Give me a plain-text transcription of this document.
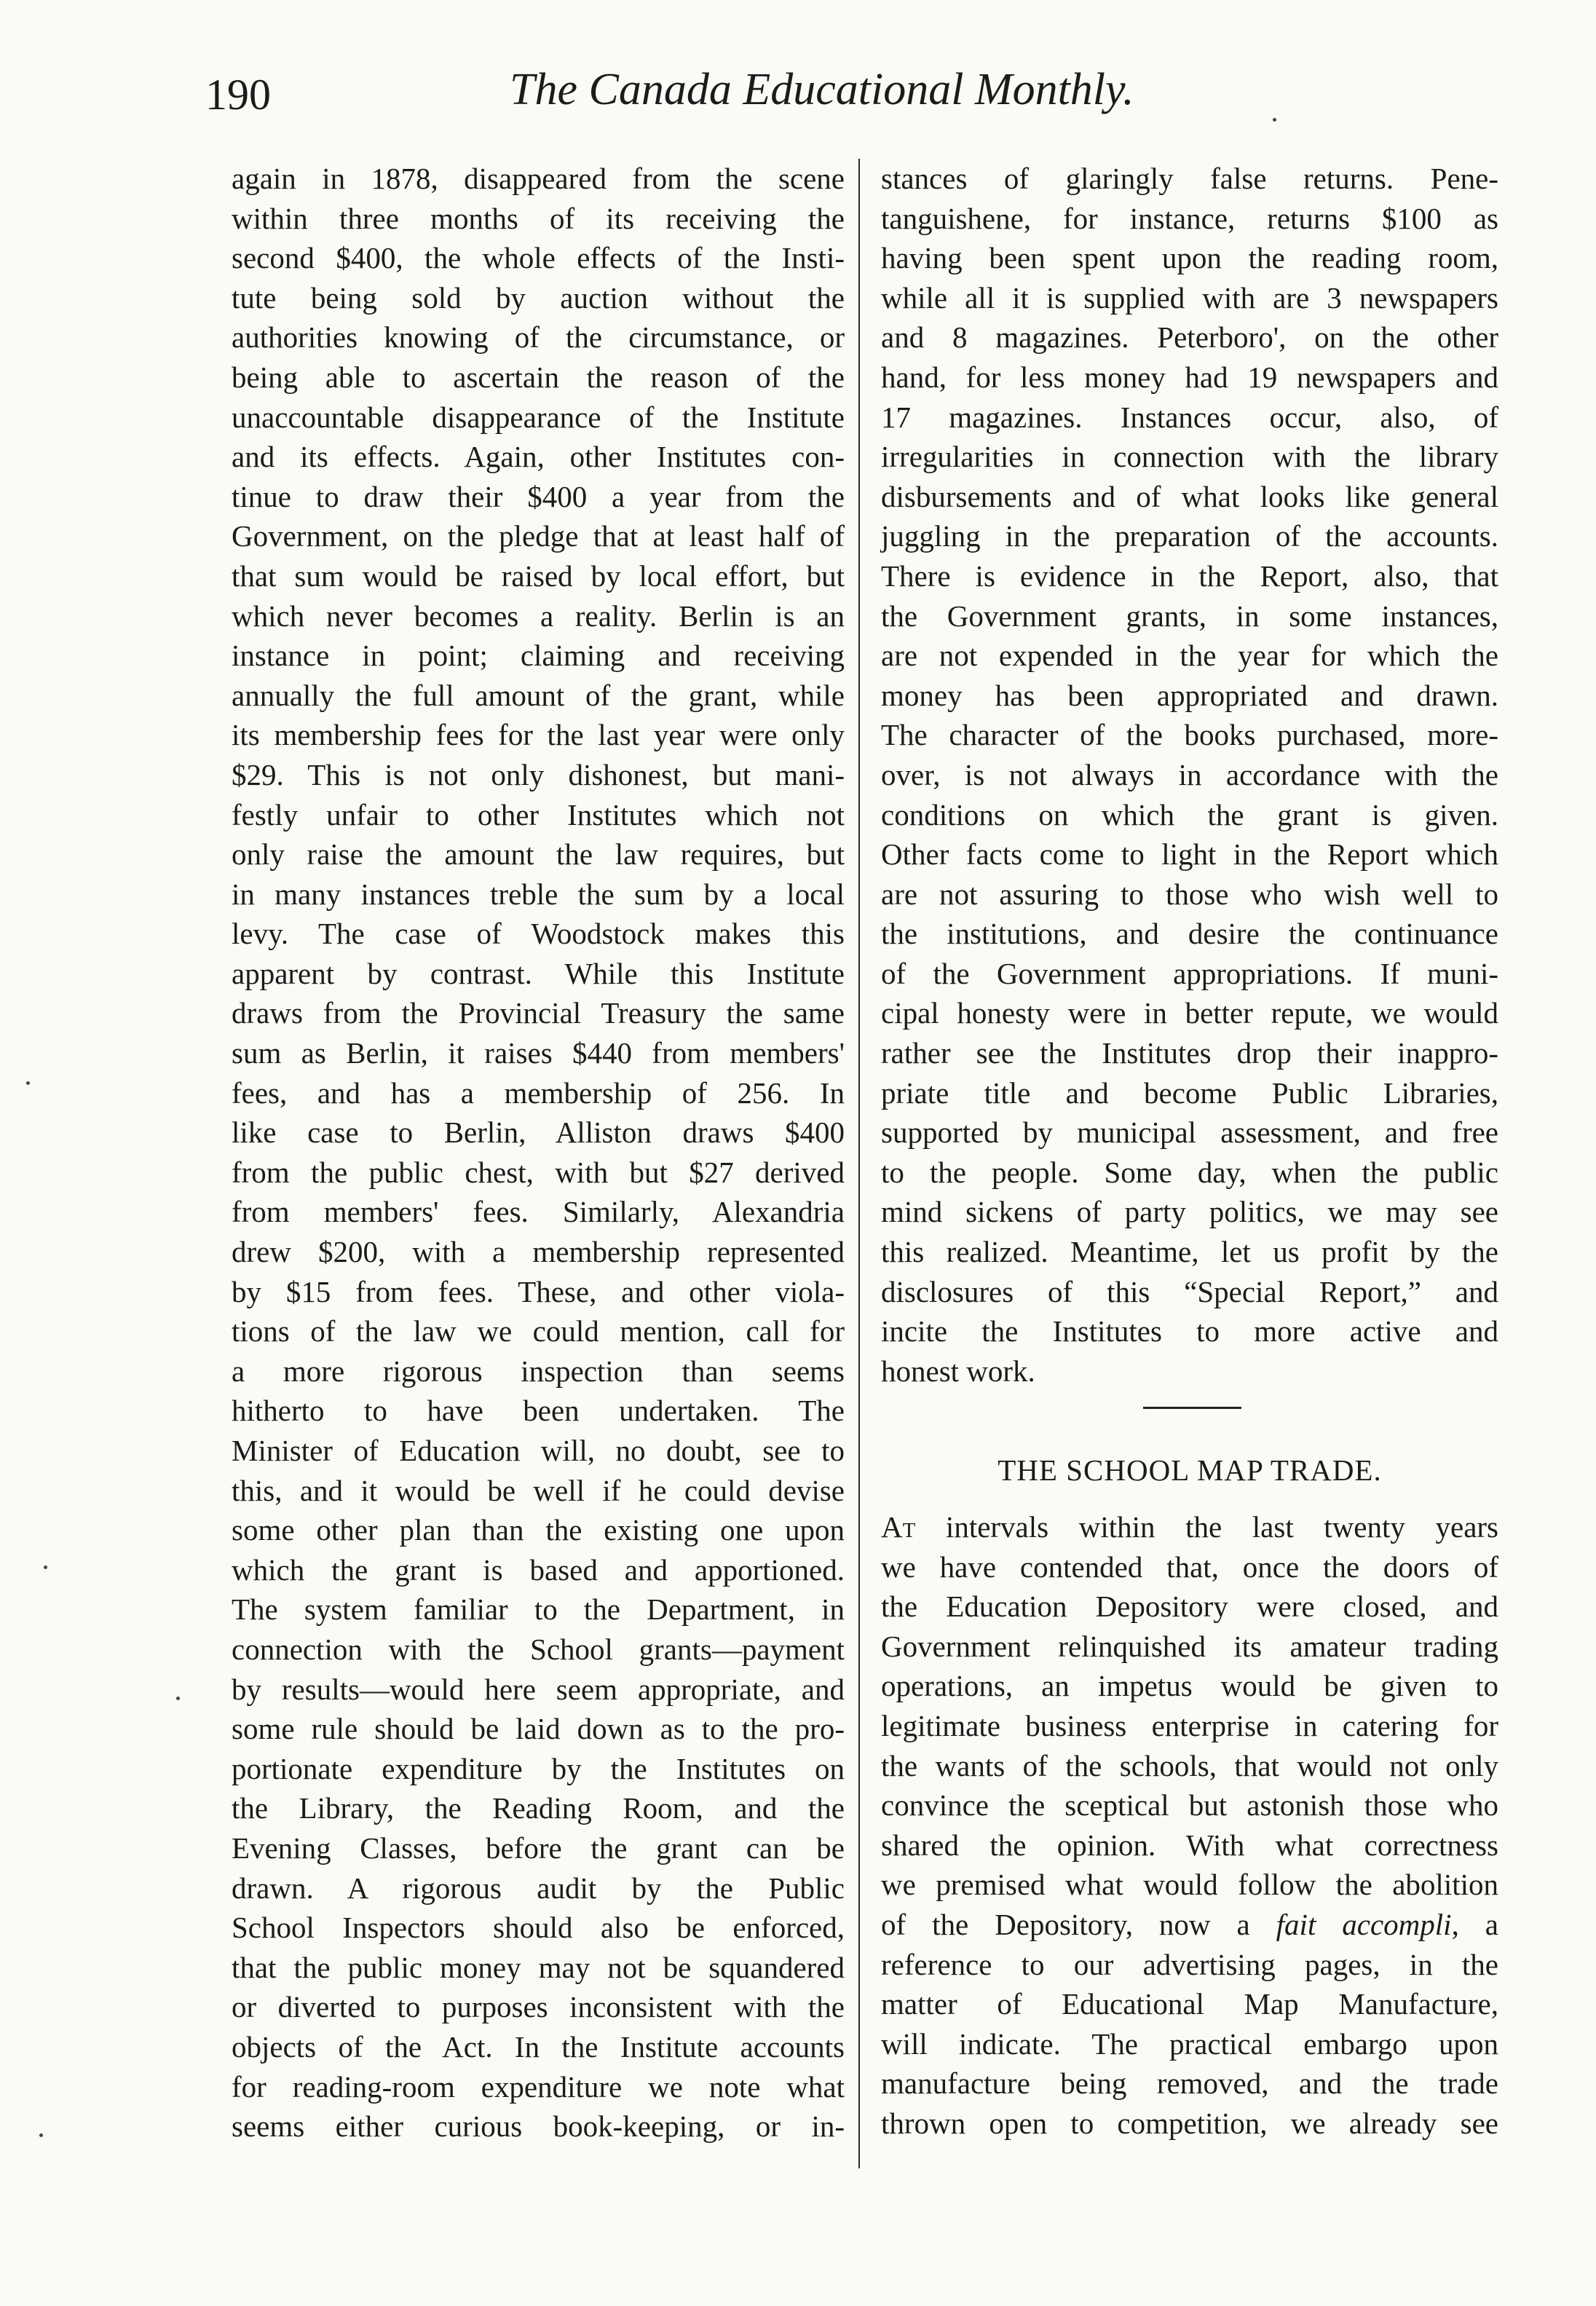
190	The Canada Educational Monthly.
again in 1878, disappeared from the scene
within three months of its receiving the
second $400, the whole effects of the Insti-
tute being sold by auction without the
authorities knowing of the circumstance, or
being able to ascertain the reason of the
unaccountable disappearance of the Institute
and its effects. Again, other Institutes con-
tinue to draw their $400 a year from the
Government, on the pledge that at least half of
that sum would be raised by local effort, but
which never becomes a reality. Berlin is an
instance in point; claiming and receiving
annually the full amount of the grant, while
its membership fees for the last year were only
$29. This is not only dishonest, but mani-
festly unfair to other Institutes which not
only raise the amount the law requires, but
in many instances treble the sum by a local
levy. The case of Woodstock makes this
apparent by contrast. While this Institute
draws from the Provincial Treasury the same
sum as Berlin, it raises $440 from members'
fees, and has a membership of 256. In
like case to Berlin, Alliston draws $400
from the public chest, with but $27 derived
from members' fees. Similarly, Alexandria
drew $200, with a membership represented
by $15 from fees. These, and other viola-
tions of the law we could mention, call for
a more rigorous inspection than seems
hitherto to have been undertaken. The
Minister of Education will, no doubt, see to
this, and it would be well if he could devise
some other plan than the existing one upon
which the grant is based and apportioned.
The system familiar to the Department, in
connection with the School grants—payment
by results—would here seem appropriate, and
some rule should be laid down as to the pro-
portionate expenditure by the Institutes on
the Library, the Reading Room, and the
Evening Classes, before the grant can be
drawn. A rigorous audit by the Public
School Inspectors should also be enforced,
that the public money may not be squandered
or diverted to purposes inconsistent with the
objects of the Act. In the Institute accounts
for reading-room expenditure we note what
seems either curious book-keeping, or in-
stances of glaringly false returns. Pene-
tanguishene, for instance, returns $100 as
having been spent upon the reading room,
while all it is supplied with are 3 newspapers
and 8 magazines. Peterboro', on the other
hand, for less money had 19 newspapers and
17 magazines. Instances occur, also, of
irregularities in connection with the library
disbursements and of what looks like general
juggling in the preparation of the accounts.
There is evidence in the Report, also, that
the Government grants, in some instances,
are not expended in the year for which the
money has been appropriated and drawn.
The character of the books purchased, more-
over, is not always in accordance with the
conditions on which the grant is given.
Other facts come to light in the Report which
are not assuring to those who wish well to
the institutions, and desire the continuance
of the Government appropriations. If muni-
cipal honesty were in better repute, we would
rather see the Institutes drop their inappro-
priate title and become Public Libraries,
supported by municipal assessment, and free
to the people. Some day, when the public
mind sickens of party politics, we may see
this realized. Meantime, let us profit by the
disclosures of this “Special Report,” and
incite the Institutes to more active and
honest work.
THE SCHOOL MAP TRADE.
At intervals within the last twenty years
we have contended that, once the doors of
the Education Depository were closed, and
Government relinquished its amateur trading
operations, an impetus would be given to
legitimate business enterprise in catering for
the wants of the schools, that would not only
convince the sceptical but astonish those who
shared the opinion. With what correctness
we premised what would follow the abolition
of the Depository, now a fait accompli, a
reference to our advertising pages, in the
matter of Educational Map Manufacture,
will indicate. The practical embargo upon
manufacture being removed, and the trade
thrown open to competition, we already see
